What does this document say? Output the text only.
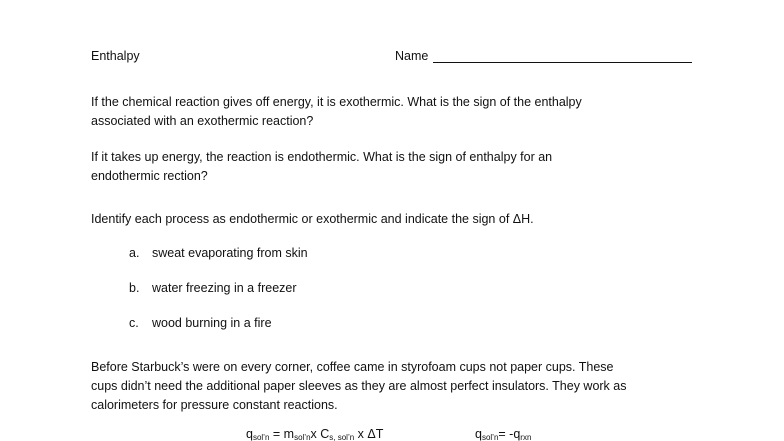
Enthalpy	Name
If the chemical reaction gives off energy, it is exothermic. What is the sign of the enthalpy
associated with an exothermic reaction?
If it takes up energy, the reaction is endothermic. What is the sign of enthalpy for an
endothermic rection?
Identify each process as endothermic or exothermic and indicate the sign of ΔH.
a. sweat evaporating from skin
b. water freezing in a freezer
c. wood burning in a fire
Before Starbuck’s were on every corner, coffee came in styrofoam cups not paper cups. These
cups didn’t need the additional paper sleeves as they are almost perfect insulators. They work as
calorimeters for pressure constant reactions.
$q_{sol’n} = m_{sol’n}x$ $C_{s, sol’n}$ x ΔT	$q_{sol’n}= -q_{rxn}$
